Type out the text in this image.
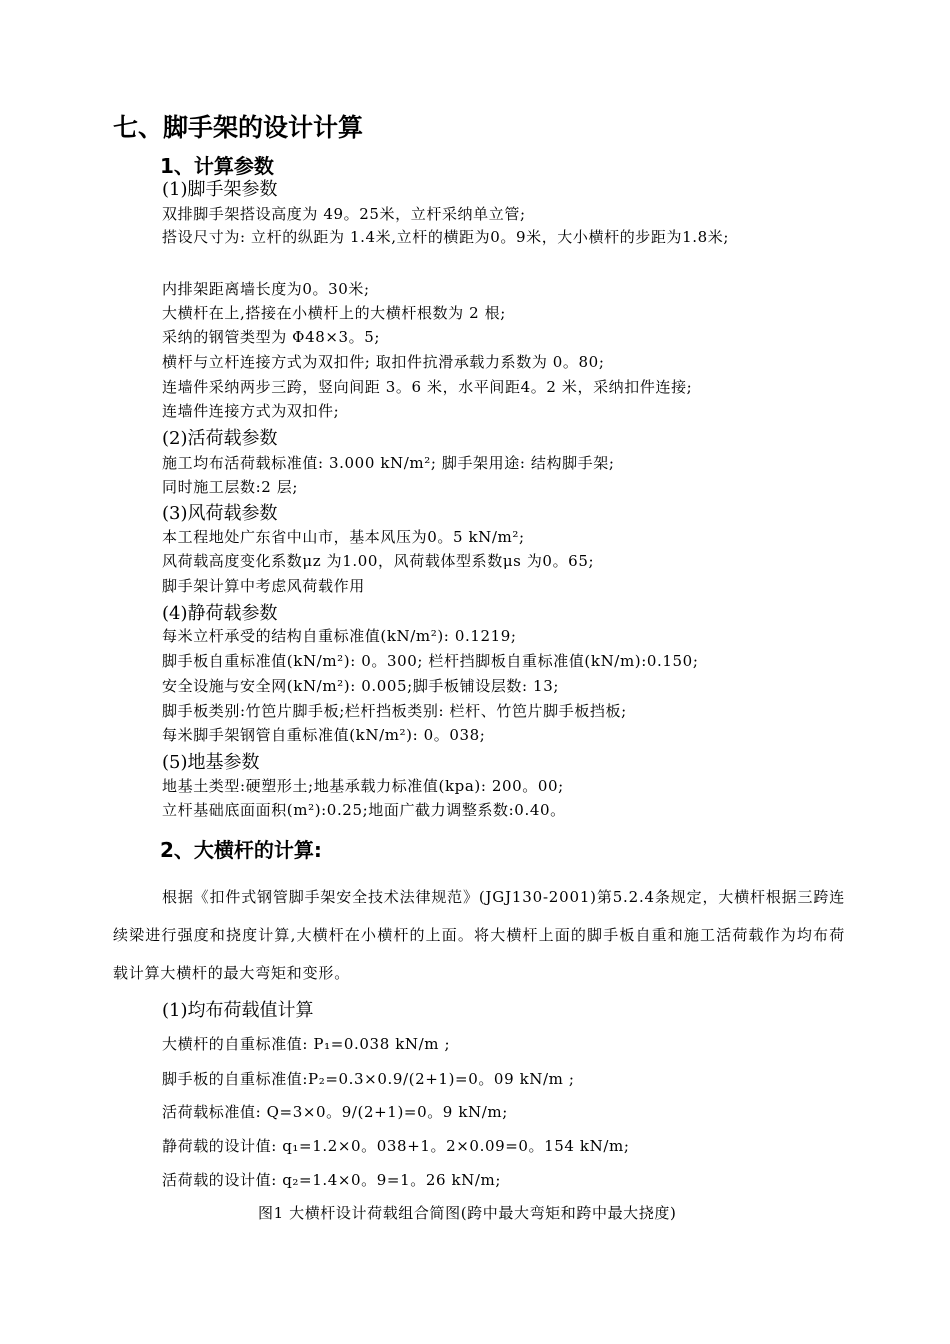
七、脚手架的设计计算
1、计算参数
(1)脚手架参数
双排脚手架搭设高度为 49。25米，立杆采纳单立管;
搭设尺寸为: 立杆的纵距为 1.4米,立杆的横距为0。9米，大小横杆的步距为1.8米;
内排架距离墙长度为0。30米;
大横杆在上,搭接在小横杆上的大横杆根数为 2 根;
采纳的钢管类型为 Φ48×3。5;
横杆与立杆连接方式为双扣件; 取扣件抗滑承载力系数为 0。80;
连墙件采纳两步三跨，竖向间距 3。6 米，水平间距4。2 米，采纳扣件连接;
连墙件连接方式为双扣件;
(2)活荷载参数
施工均布活荷载标准值: 3.000 kN/m²; 脚手架用途: 结构脚手架;
同时施工层数:2 层;
(3)风荷载参数
本工程地处广东省中山市，基本风压为0。5 kN/m²;
风荷载高度变化系数μz 为1.00，风荷载体型系数μs 为0。65;
脚手架计算中考虑风荷载作用
(4)静荷载参数
每米立杆承受的结构自重标准值(kN/m²): 0.1219;
脚手板自重标准值(kN/m²): 0。300; 栏杆挡脚板自重标准值(kN/m):0.150;
安全设施与安全网(kN/m²): 0.005;脚手板铺设层数: 13;
脚手板类别:竹笆片脚手板;栏杆挡板类别: 栏杆、竹笆片脚手板挡板;
每米脚手架钢管自重标准值(kN/m²): 0。038;
(5)地基参数
地基土类型:硬塑形土;地基承载力标准值(kpa): 200。00;
立杆基础底面面积(m²):0.25;地面广截力调整系数:0.40。
2、大横杆的计算:
根据《扣件式钢管脚手架安全技术法律规范》(JGJ130-2001)第5.2.4条规定，大横杆根据三跨连续梁进行强度和挠度计算,大横杆在小横杆的上面。将大横杆上面的脚手板自重和施工活荷载作为均布荷载计算大横杆的最大弯矩和变形。
(1)均布荷载值计算
大横杆的自重标准值: P₁=0.038 kN/m ;
脚手板的自重标准值:P₂=0.3×0.9/(2+1)=0。09 kN/m ;
活荷载标准值: Q=3×0。9/(2+1)=0。9 kN/m;
静荷载的设计值: q₁=1.2×0。038+1。2×0.09=0。154 kN/m;
活荷载的设计值: q₂=1.4×0。9=1。26 kN/m;
图1 大横杆设计荷载组合简图(跨中最大弯矩和跨中最大挠度)
